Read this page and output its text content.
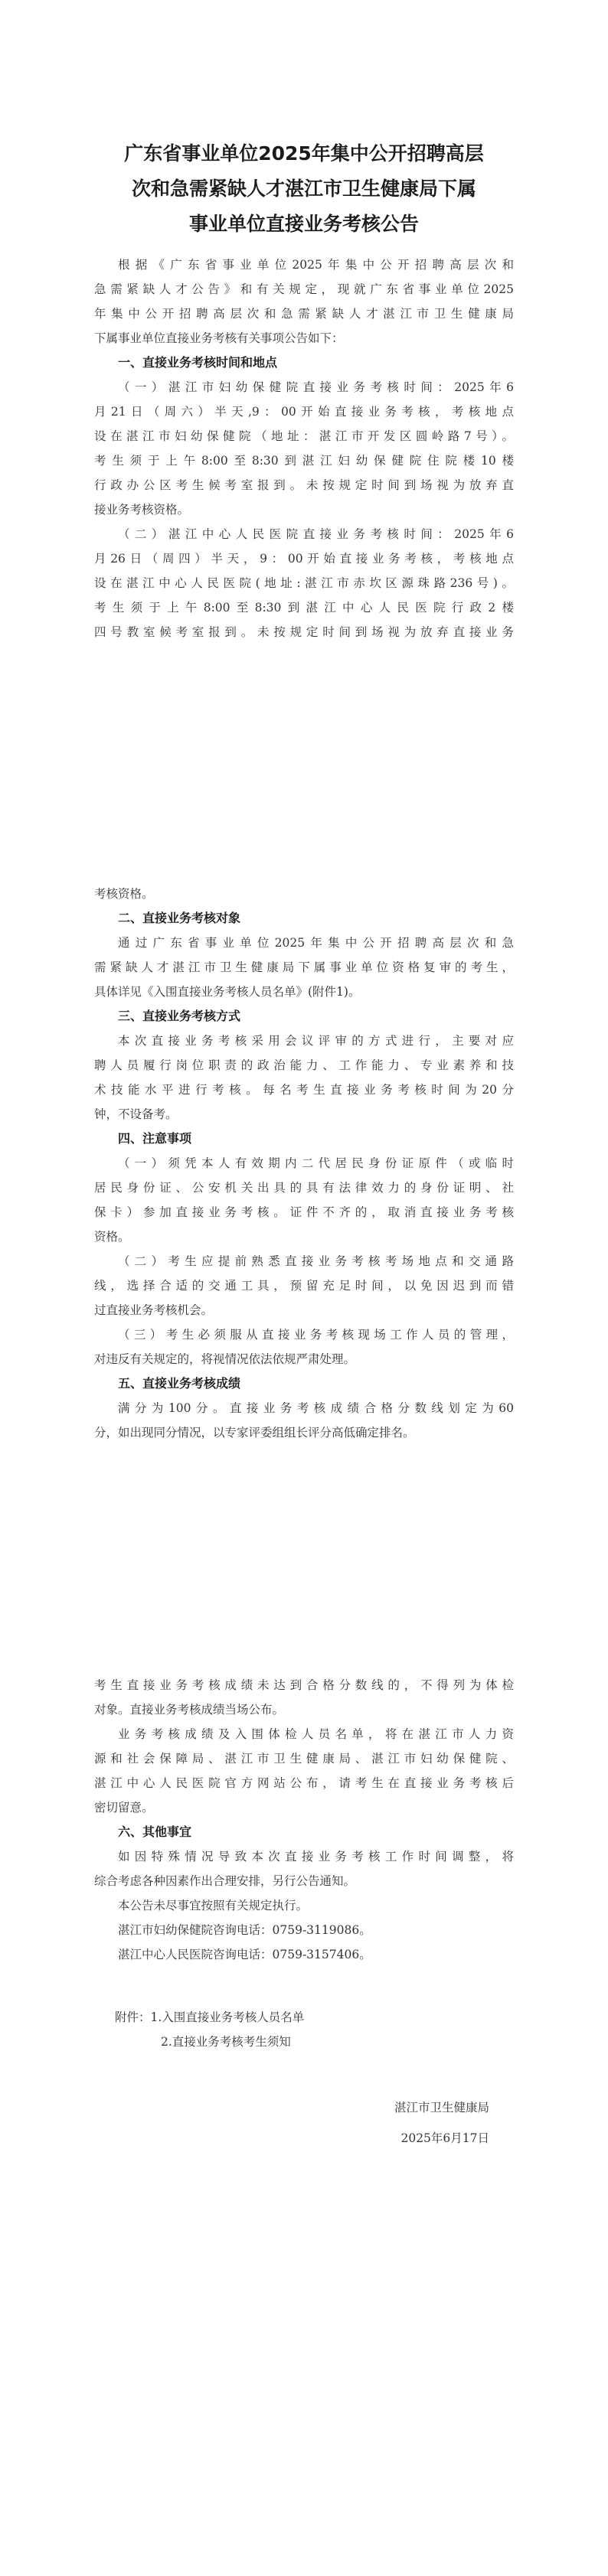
广东省事业单位2025年集中公开招聘高层
次和急需紧缺人才湛江市卫生健康局下属
事业单位直接业务考核公告
根据《广东省事业单位2025年集中公开招聘高层次和
急需紧缺人才公告》和有关规定，现就广东省事业单位2025
年集中公开招聘高层次和急需紧缺人才湛江市卫生健康局
下属事业单位直接业务考核有关事项公告如下：
一、直接业务考核时间和地点
（一）湛江市妇幼保健院直接业务考核时间：2025年6
月21日（周六）半天,9：00开始直接业务考核，考核地点
设在湛江市妇幼保健院（地址：湛江市开发区圆岭路7号）。
考生须于上午8:00至8:30到湛江妇幼保健院住院楼10楼
行政办公区考生候考室报到。未按规定时间到场视为放弃直
接业务考核资格。
（二）湛江中心人民医院直接业务考核时间：2025年6
月26日（周四）半天，9：00开始直接业务考核，考核地点
设在湛江中心人民医院(地址:湛江市赤坎区源珠路236号)。
考生须于上午8:00至8:30到湛江中心人民医院行政2楼
四号教室候考室报到。未按规定时间到场视为放弃直接业务
考核资格。
二、直接业务考核对象
通过广东省事业单位2025年集中公开招聘高层次和急
需紧缺人才湛江市卫生健康局下属事业单位资格复审的考生，
具体详见《入围直接业务考核人员名单》(附件1)。
三、直接业务考核方式
本次直接业务考核采用会议评审的方式进行，主要对应
聘人员履行岗位职责的政治能力、工作能力、专业素养和技
术技能水平进行考核。每名考生直接业务考核时间为20分
钟，不设备考。
四、注意事项
（一）须凭本人有效期内二代居民身份证原件（或临时
居民身份证、公安机关出具的具有法律效力的身份证明、社
保卡）参加直接业务考核。证件不齐的，取消直接业务考核
资格。
（二）考生应提前熟悉直接业务考核考场地点和交通路
线，选择合适的交通工具，预留充足时间，以免因迟到而错
过直接业务考核机会。
（三）考生必须服从直接业务考核现场工作人员的管理，
对违反有关规定的，将视情况依法依规严肃处理。
五、直接业务考核成绩
满分为100分。直接业务考核成绩合格分数线划定为60
分，如出现同分情况，以专家评委组组长评分高低确定排名。
考生直接业务考核成绩未达到合格分数线的，不得列为体检
对象。直接业务考核成绩当场公布。
业务考核成绩及入围体检人员名单，将在湛江市人力资
源和社会保障局、湛江市卫生健康局、湛江市妇幼保健院、
湛江中心人民医院官方网站公布，请考生在直接业务考核后
密切留意。
六、其他事宜
如因特殊情况导致本次直接业务考核工作时间调整，将
综合考虑各种因素作出合理安排，另行公告通知。
本公告未尽事宜按照有关规定执行。
湛江市妇幼保健院咨询电话：0759-3119086。
湛江中心人民医院咨询电话：0759-3157406。
附件：1.入围直接业务考核人员名单
2.直接业务考核考生须知
湛江市卫生健康局
2025年6月17日
